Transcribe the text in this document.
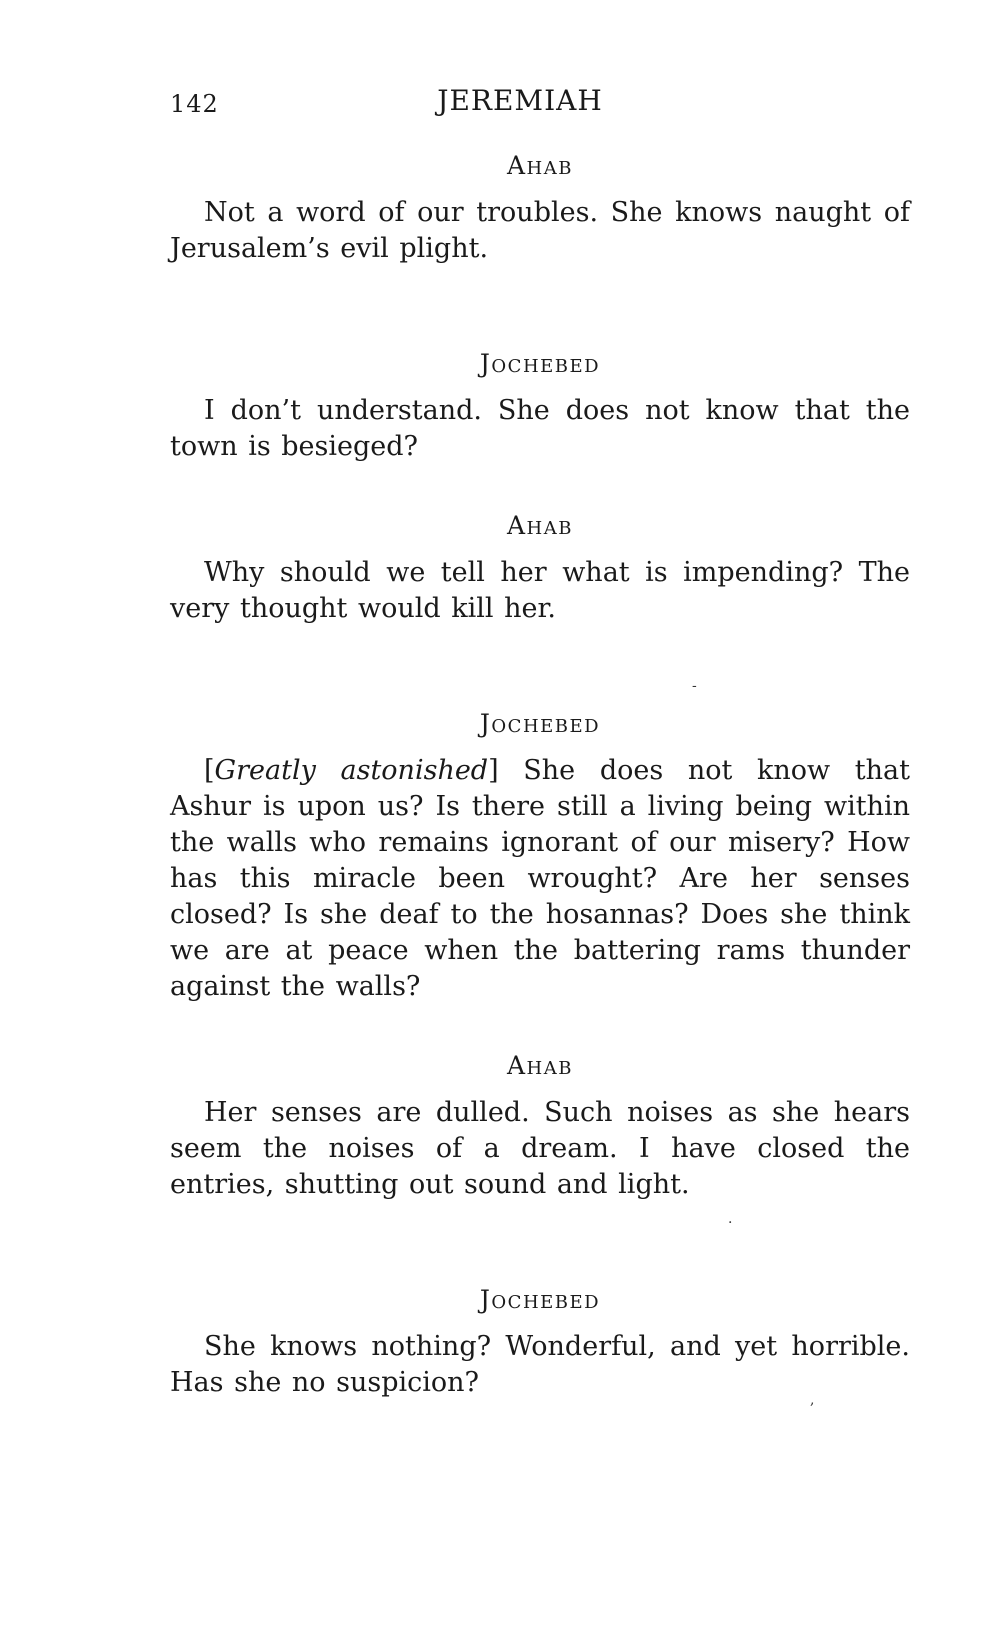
142	JEREMIAH
Ahab

Not a word of our troubles. She knows naught of Jerusalem’s evil plight.

Jochebed

I don’t understand. She does not know that the town is besieged?

Ahab

Why should we tell her what is impending? The very thought would kill her.

Jochebed

[Greatly astonished] She does not know that Ashur is upon us? Is there still a living being within the walls who remains ignorant of our misery? How has this miracle been wrought? Are her senses closed? Is she deaf to the hosannas? Does she think we are at peace when the battering rams thunder against the walls?

Ahab

Her senses are dulled. Such noises as she hears seem the noises of a dream. I have closed the entries, shutting out sound and light.

Jochebed

She knows nothing? Wonderful, and yet horrible. Has she no suspicion?

-
·
,
